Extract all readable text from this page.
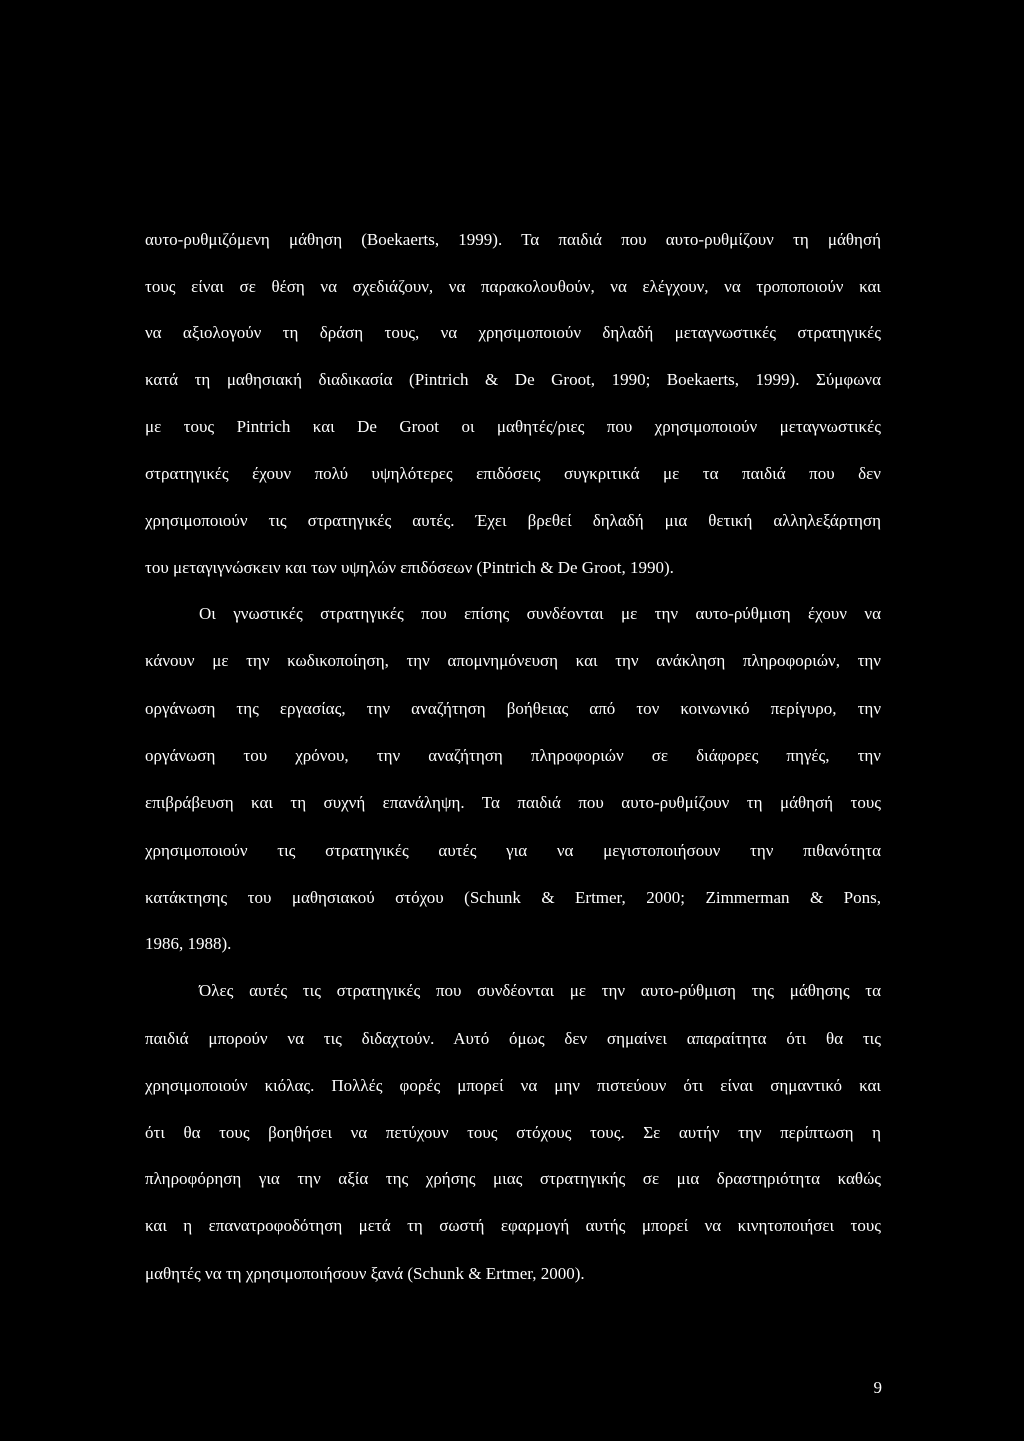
αυτο-ρυθμιζόμενη μάθηση (Boekaerts, 1999). Τα παιδιά που αυτο-ρυθμίζουν τη μάθησή
τους είναι σε θέση να σχεδιάζουν, να παρακολουθούν, να ελέγχουν, να τροποποιούν και
να αξιολογούν τη δράση τους, να χρησιμοποιούν δηλαδή μεταγνωστικές στρατηγικές
κατά τη μαθησιακή διαδικασία (Pintrich & De Groot, 1990; Boekaerts, 1999). Σύμφωνα
με τους Pintrich και De Groot οι μαθητές/ριες που χρησιμοποιούν μεταγνωστικές
στρατηγικές έχουν πολύ υψηλότερες επιδόσεις συγκριτικά με τα παιδιά που δεν
χρησιμοποιούν τις στρατηγικές αυτές. Έχει βρεθεί δηλαδή μια θετική αλληλεξάρτηση
του μεταγιγνώσκειν και των υψηλών επιδόσεων (Pintrich & De Groot, 1990).
Οι γνωστικές στρατηγικές που επίσης συνδέονται με την αυτο-ρύθμιση έχουν να
κάνουν με την κωδικοποίηση, την απομνημόνευση και την ανάκληση πληροφοριών, την
οργάνωση της εργασίας, την αναζήτηση βοήθειας από τον κοινωνικό περίγυρο, την
οργάνωση του χρόνου, την αναζήτηση πληροφοριών σε διάφορες πηγές, την
επιβράβευση και τη συχνή επανάληψη. Τα παιδιά που αυτο-ρυθμίζουν τη μάθησή τους
χρησιμοποιούν τις στρατηγικές αυτές για να μεγιστοποιήσουν την πιθανότητα
κατάκτησης του μαθησιακού στόχου (Schunk & Ertmer, 2000; Zimmerman & Pons,
1986, 1988).
Όλες αυτές τις στρατηγικές που συνδέονται με την αυτο-ρύθμιση της μάθησης τα
παιδιά μπορούν να τις διδαχτούν. Αυτό όμως δεν σημαίνει απαραίτητα ότι θα τις
χρησιμοποιούν κιόλας. Πολλές φορές μπορεί να μην πιστεύουν ότι είναι σημαντικό και
ότι θα τους βοηθήσει να πετύχουν τους στόχους τους. Σε αυτήν την περίπτωση η
πληροφόρηση για την αξία της χρήσης μιας στρατηγικής σε μια δραστηριότητα καθώς
και η επανατροφοδότηση μετά τη σωστή εφαρμογή αυτής μπορεί να κινητοποιήσει τους
μαθητές να τη χρησιμοποιήσουν ξανά (Schunk & Ertmer, 2000).
9
